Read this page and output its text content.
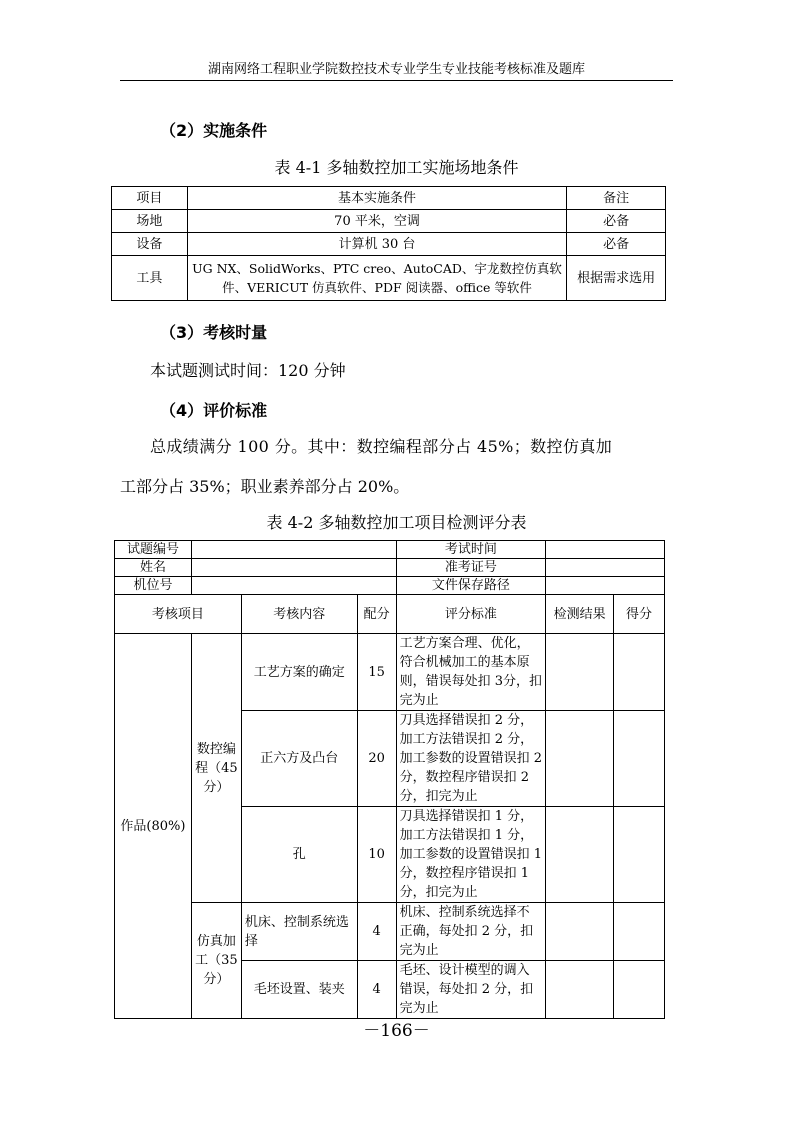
湖南网络工程职业学院数控技术专业学生专业技能考核标准及题库
（2）实施条件
表 4-1 多轴数控加工实施场地条件
项目	基本实施条件	备注
场地	70 平米，空调	必备
设备	计算机 30 台	必备
工具	UG NX、SolidWorks、PTC creo、AutoCAD、宇龙数控仿真软件、VERICUT 仿真软件、PDF 阅读器、office 等软件	根据需求选用
（3）考核时量
本试题测试时间：120 分钟
（4）评价标准
总成绩满分 100 分。其中：数控编程部分占 45%；数控仿真加
工部分占 35%；职业素养部分占 20%。
表 4-2 多轴数控加工项目检测评分表
试题编号				考试时间		
姓名				准考证号		
机位号				文件保存路径		
考核项目		考核内容	配分	评分标准	检测结果	得分
作品(80%)	数控编程（45分）	工艺方案的确定	15	工艺方案合理、优化，符合机械加工的基本原则，错误每处扣 3分，扣完为止		
		正六方及凸台	20	刀具选择错误扣 2 分，加工方法错误扣 2 分，加工参数的设置错误扣 2 分，数控程序错误扣 2 分，扣完为止		
		孔	10	刀具选择错误扣 1 分，加工方法错误扣 1 分，加工参数的设置错误扣 1 分，数控程序错误扣 1 分，扣完为止		
	仿真加工（35分）	机床、控制系统选择	4	机床、控制系统选择不正确，每处扣 2 分，扣完为止		
		毛坯设置、装夹	4	毛坯、设计模型的调入错误，每处扣 2 分，扣完为止		
－166－
